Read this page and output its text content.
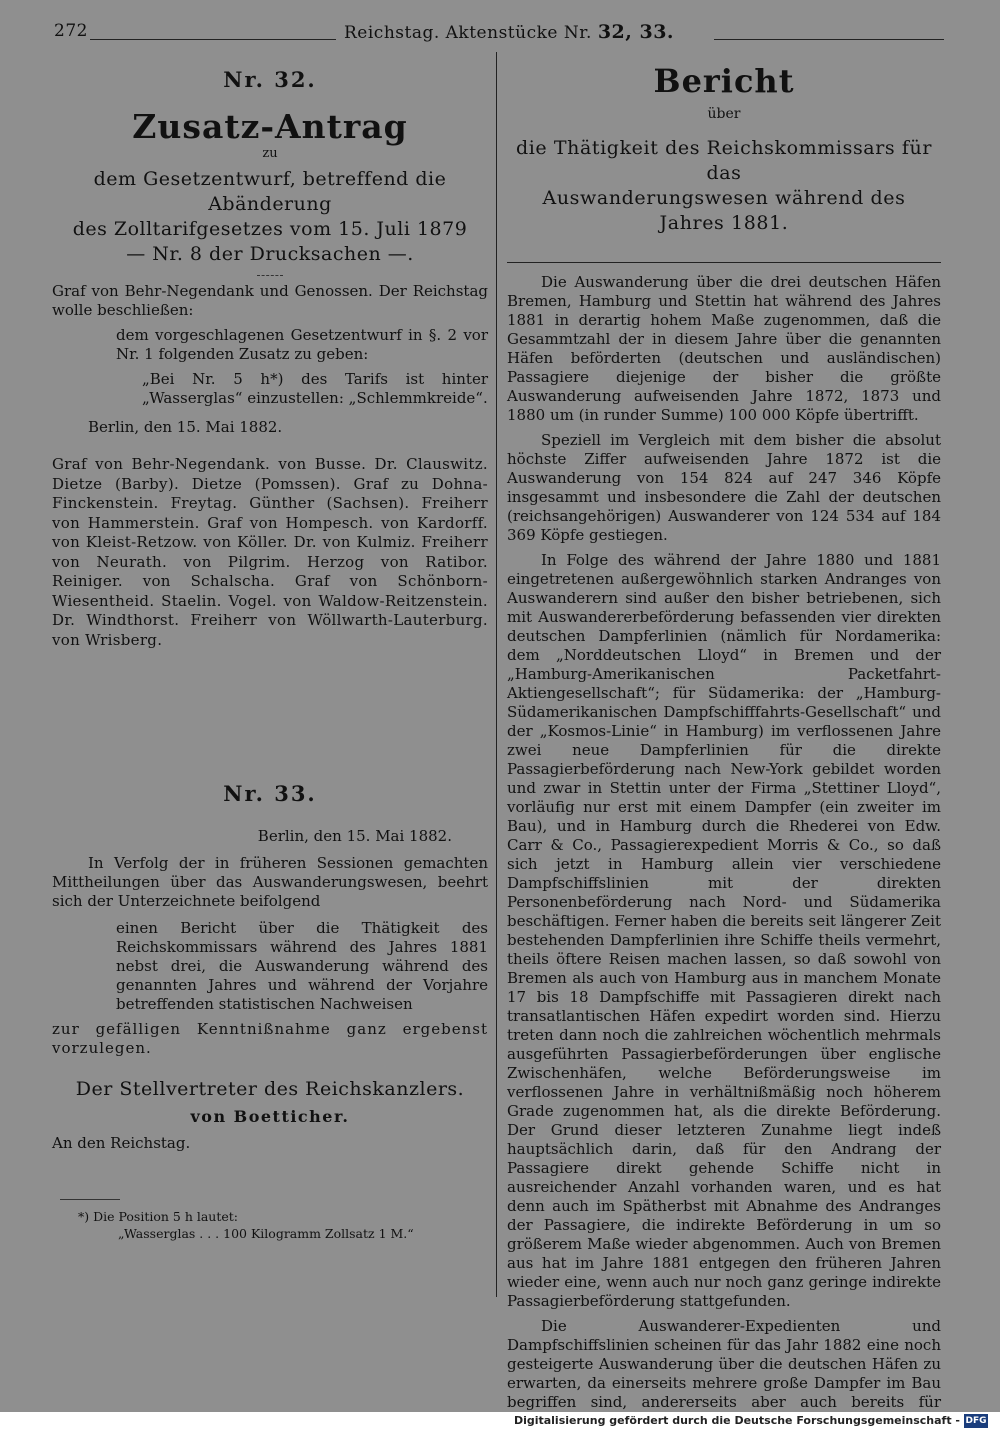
272	Reichstag. Aktenstücke Nr. 32, 33.
Nr. 32.
Zusatz-Antrag
zu
dem Gesetzentwurf, betreffend die Abänderung
des Zolltarifgesetzes vom 15. Juli 1879
— Nr. 8 der Drucksachen —.

Graf von Behr-Negendank und Genossen. Der Reichstag wolle beschließen:

dem vorgeschlagenen Gesetzentwurf in §. 2 vor Nr. 1 folgenden Zusatz zu geben:

„Bei Nr. 5 h*) des Tarifs ist hinter „Wasserglas“ einzustellen: „Schlemmkreide“.

Berlin, den 15. Mai 1882.

Graf von Behr-Negendank. von Busse. Dr. Clauswitz. Dietze (Barby). Dietze (Pomssen). Graf zu Dohna-Finckenstein. Freytag. Günther (Sachsen). Freiherr von Hammerstein. Graf von Hompesch. von Kardorff. von Kleist-Retzow. von Köller. Dr. von Kulmiz. Freiherr von Neurath. von Pilgrim. Herzog von Ratibor. Reiniger. von Schalscha. Graf von Schönborn-Wiesentheid. Staelin. Vogel. von Waldow-Reitzenstein. Dr. Windthorst. Freiherr von Wöllwarth-Lauterburg. von Wrisberg.
Nr. 33.

Berlin, den 15. Mai 1882.

In Verfolg der in früheren Sessionen gemachten Mittheilungen über das Auswanderungswesen, beehrt sich der Unterzeichnete beifolgend

einen Bericht über die Thätigkeit des Reichskommissars während des Jahres 1881 nebst drei, die Auswanderung während des genannten Jahres und während der Vorjahre betreffenden statistischen Nachweisen

zur gefälligen Kenntnißnahme ganz ergebenst vorzulegen.

Der Stellvertreter des Reichskanzlers.
von Boetticher.

An den Reichstag.

*) Die Position 5 h lautet:
„Wasserglas . . . 100 Kilogramm Zollsatz 1 M.“
Bericht
über
die Thätigkeit des Reichskommissars für das
Auswanderungswesen während des Jahres 1881.

Die Auswanderung über die drei deutschen Häfen Bremen, Hamburg und Stettin hat während des Jahres 1881 in derartig hohem Maße zugenommen, daß die Gesammtzahl der in diesem Jahre über die genannten Häfen beförderten (deutschen und ausländischen) Passagiere diejenige der bisher die größte Auswanderung aufweisenden Jahre 1872, 1873 und 1880 um (in runder Summe) 100 000 Köpfe übertrifft.

Speziell im Vergleich mit dem bisher die absolut höchste Ziffer aufweisenden Jahre 1872 ist die Auswanderung von 154 824 auf 247 346 Köpfe insgesammt und insbesondere die Zahl der deutschen (reichsangehörigen) Auswanderer von 124 534 auf 184 369 Köpfe gestiegen.

In Folge des während der Jahre 1880 und 1881 eingetretenen außergewöhnlich starken Andranges von Auswanderern sind außer den bisher betriebenen, sich mit Auswandererbeförderung befassenden vier direkten deutschen Dampferlinien (nämlich für Nordamerika: dem „Norddeutschen Lloyd“ in Bremen und der „Hamburg-Amerikanischen Packetfahrt-Aktiengesellschaft“; für Südamerika: der „Hamburg-Südamerikanischen Dampfschifffahrts-Gesellschaft“ und der „Kosmos-Linie“ in Hamburg) im verflossenen Jahre zwei neue Dampferlinien für die direkte Passagierbeförderung nach New-York gebildet worden und zwar in Stettin unter der Firma „Stettiner Lloyd“, vorläufig nur erst mit einem Dampfer (ein zweiter im Bau), und in Hamburg durch die Rhederei von Edw. Carr & Co., Passagierexpedient Morris & Co., so daß sich jetzt in Hamburg allein vier verschiedene Dampfschiffslinien mit der direkten Personenbeförderung nach Nord- und Südamerika beschäftigen. Ferner haben die bereits seit längerer Zeit bestehenden Dampferlinien ihre Schiffe theils vermehrt, theils öftere Reisen machen lassen, so daß sowohl von Bremen als auch von Hamburg aus in manchem Monate 17 bis 18 Dampfschiffe mit Passagieren direkt nach transatlantischen Häfen expedirt worden sind. Hierzu treten dann noch die zahlreichen wöchentlich mehrmals ausgeführten Passagierbeförderungen über englische Zwischenhäfen, welche Beförderungsweise im verflossenen Jahre in verhältnißmäßig noch höherem Grade zugenommen hat, als die direkte Beförderung. Der Grund dieser letzteren Zunahme liegt indeß hauptsächlich darin, daß für den Andrang der Passagiere direkt gehende Schiffe nicht in ausreichender Anzahl vorhanden waren, und es hat denn auch im Spätherbst mit Abnahme des Andranges der Passagiere, die indirekte Beförderung in um so größerem Maße wieder abgenommen. Auch von Bremen aus hat im Jahre 1881 entgegen den früheren Jahren wieder eine, wenn auch nur noch ganz geringe indirekte Passagierbeförderung stattgefunden.

Die Auswanderer-Expedienten und Dampfschiffslinien scheinen für das Jahr 1882 eine noch gesteigerte Auswanderung über die deutschen Häfen zu erwarten, da einerseits mehrere große Dampfer im Bau begriffen sind, andererseits aber auch bereits für

Digitalisierung gefördert durch die Deutsche Forschungsgemeinschaft - DFG
